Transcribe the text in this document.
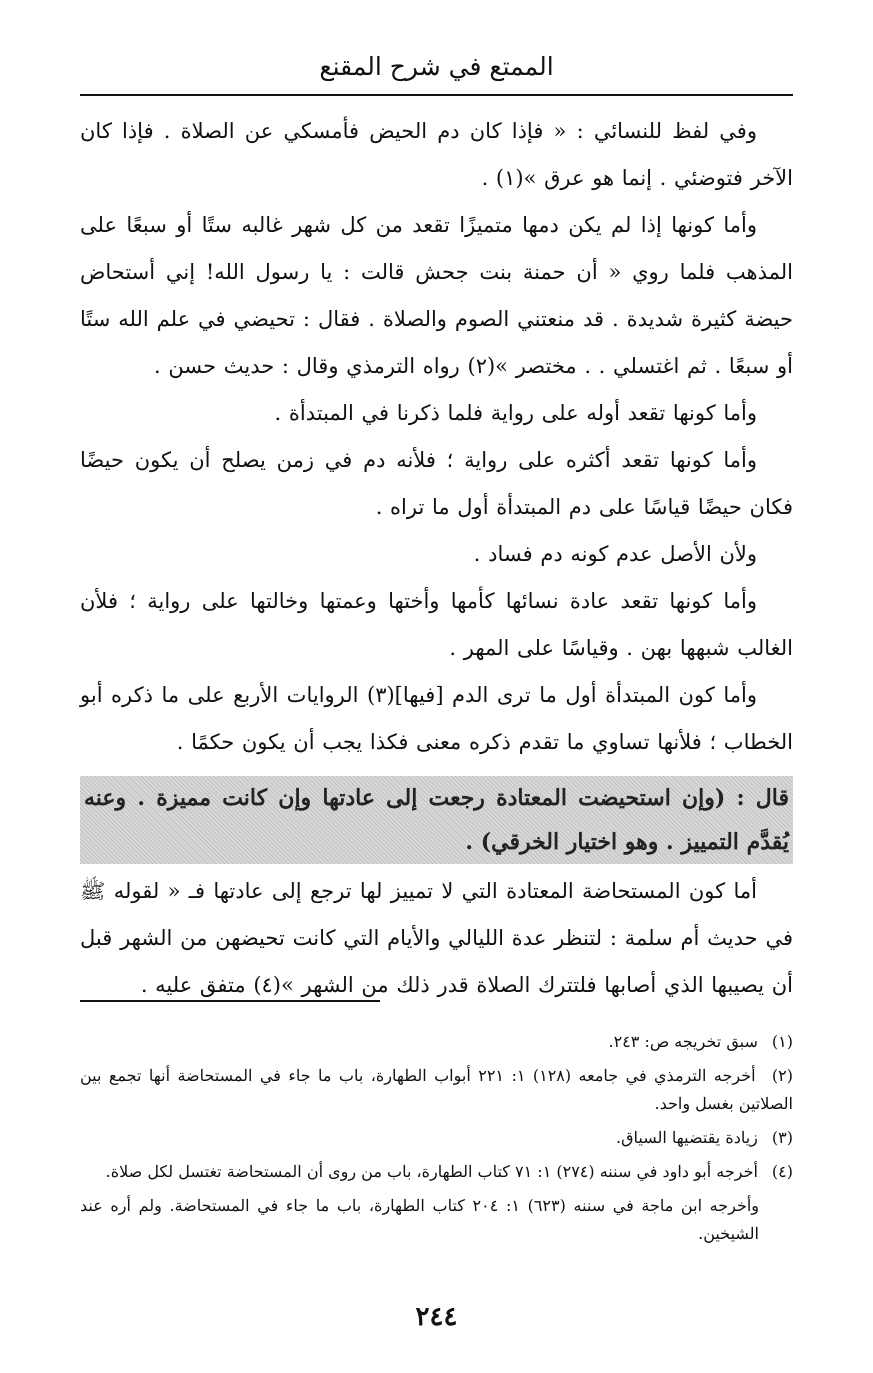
الممتع في شرح المقنع

وفي لفظ للنسائي : « فإذا كان دم الحيض فأمسكي عن الصلاة . فإذا كان الآخر فتوضئي . إنما هو عرق »(١) .

وأما كونها إذا لم يكن دمها متميزًا تقعد من كل شهر غالبه ستًا أو سبعًا على المذهب فلما روي « أن حمنة بنت جحش قالت : يا رسول الله! إني أستحاض حيضة كثيرة شديدة . قد منعتني الصوم والصلاة . فقال : تحيضي في علم الله ستًا أو سبعًا . ثم اغتسلي . . مختصر »(٢) رواه الترمذي وقال : حديث حسن .

وأما كونها تقعد أوله على رواية فلما ذكرنا في المبتدأة .

وأما كونها تقعد أكثره على رواية ؛ فلأنه دم في زمن يصلح أن يكون حيضًا فكان حيضًا قياسًا على دم المبتدأة أول ما تراه .

ولأن الأصل عدم كونه دم فساد .

وأما كونها تقعد عادة نسائها كأمها وأختها وعمتها وخالتها على رواية ؛ فلأن الغالب شبهها بهن . وقياسًا على المهر .

وأما كون المبتدأة أول ما ترى الدم [فيها](٣) الروايات الأربع على ما ذكره أبو الخطاب ؛ فلأنها تساوي ما تقدم ذكره معنى فكذا يجب أن يكون حكمًا .

قال : (وإن استحيضت المعتادة رجعت إلى عادتها وإن كانت مميزة . وعنه يُقدَّم التمييز . وهو اختيار الخرقي) .

أما كون المستحاضة المعتادة التي لا تمييز لها ترجع إلى عادتها فـ « لقوله ﷺ في حديث أم سلمة : لتنظر عدة الليالي والأيام التي كانت تحيضهن من الشهر قبل أن يصيبها الذي أصابها فلتترك الصلاة قدر ذلك من الشهر »(٤) متفق عليه .

(١) سبق تخريجه ص: ٢٤٣.

(٢) أخرجه الترمذي في جامعه (١٢٨) ١: ٢٢١ أبواب الطهارة، باب ما جاء في المستحاضة أنها تجمع بين الصلاتين بغسل واحد.

(٣) زيادة يقتضيها السياق.

(٤) أخرجه أبو داود في سننه (٢٧٤) ١: ٧١ كتاب الطهارة، باب من روى أن المستحاضة تغتسل لكل صلاة.

وأخرجه ابن ماجة في سننه (٦٢٣) ١: ٢٠٤ كتاب الطهارة، باب ما جاء في المستحاضة. ولم أره عند الشيخين.

٢٤٤
